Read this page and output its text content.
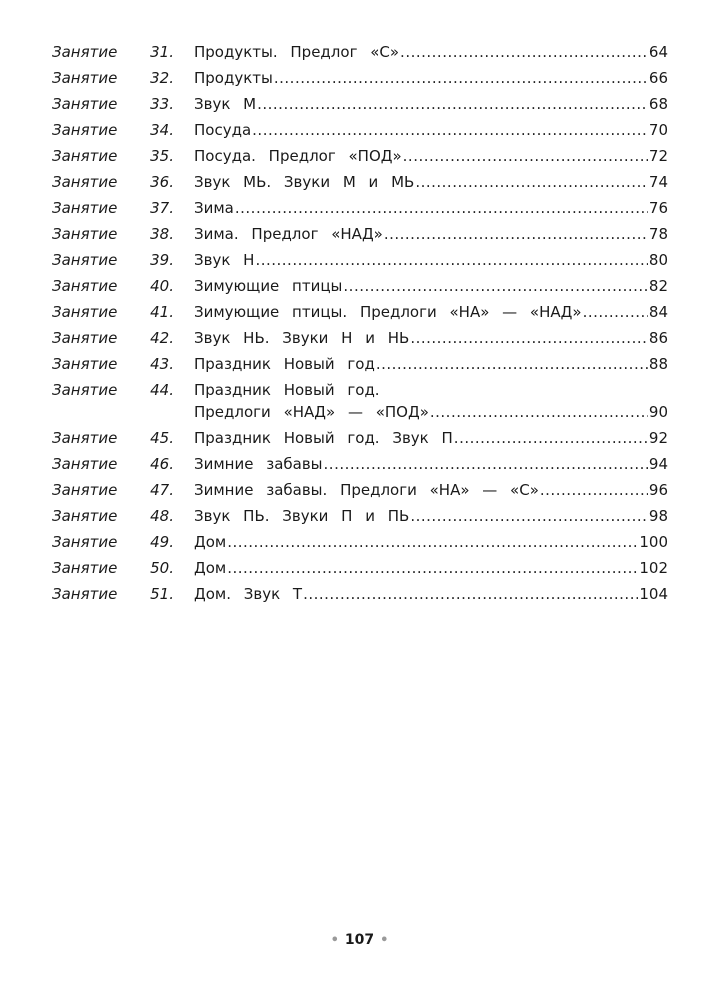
Занятие	31. Продукты. Предлог «С» .....	64
Занятие	32. Продукты .....	66
Занятие	33. Звук М .....	68
Занятие	34. Посуда .....	70
Занятие	35. Посуда. Предлог «ПОД» .....	72
Занятие	36. Звук МЬ. Звуки М и МЬ .....	74
Занятие	37. Зима .....	76
Занятие	38. Зима. Предлог «НАД» .....	78
Занятие	39. Звук Н .....	80
Занятие	40. Зимующие птицы .....	82
Занятие	41. Зимующие птицы. Предлоги «НА» — «НАД» .....	84
Занятие	42. Звук НЬ. Звуки Н и НЬ .....	86
Занятие	43. Праздник Новый год .....	88
Занятие	44. Праздник Новый год.
Предлоги «НАД» — «ПОД» .....	90
Занятие	45. Праздник Новый год. Звук П .....	92
Занятие	46. Зимние забавы .....	94
Занятие	47. Зимние забавы. Предлоги «НА» — «С» .....	96
Занятие	48. Звук ПЬ. Звуки П и ПЬ .....	98
Занятие	49. Дом .....	100
Занятие	50. Дом .....	102
Занятие	51. Дом. Звук Т .....	104
• 107 •
